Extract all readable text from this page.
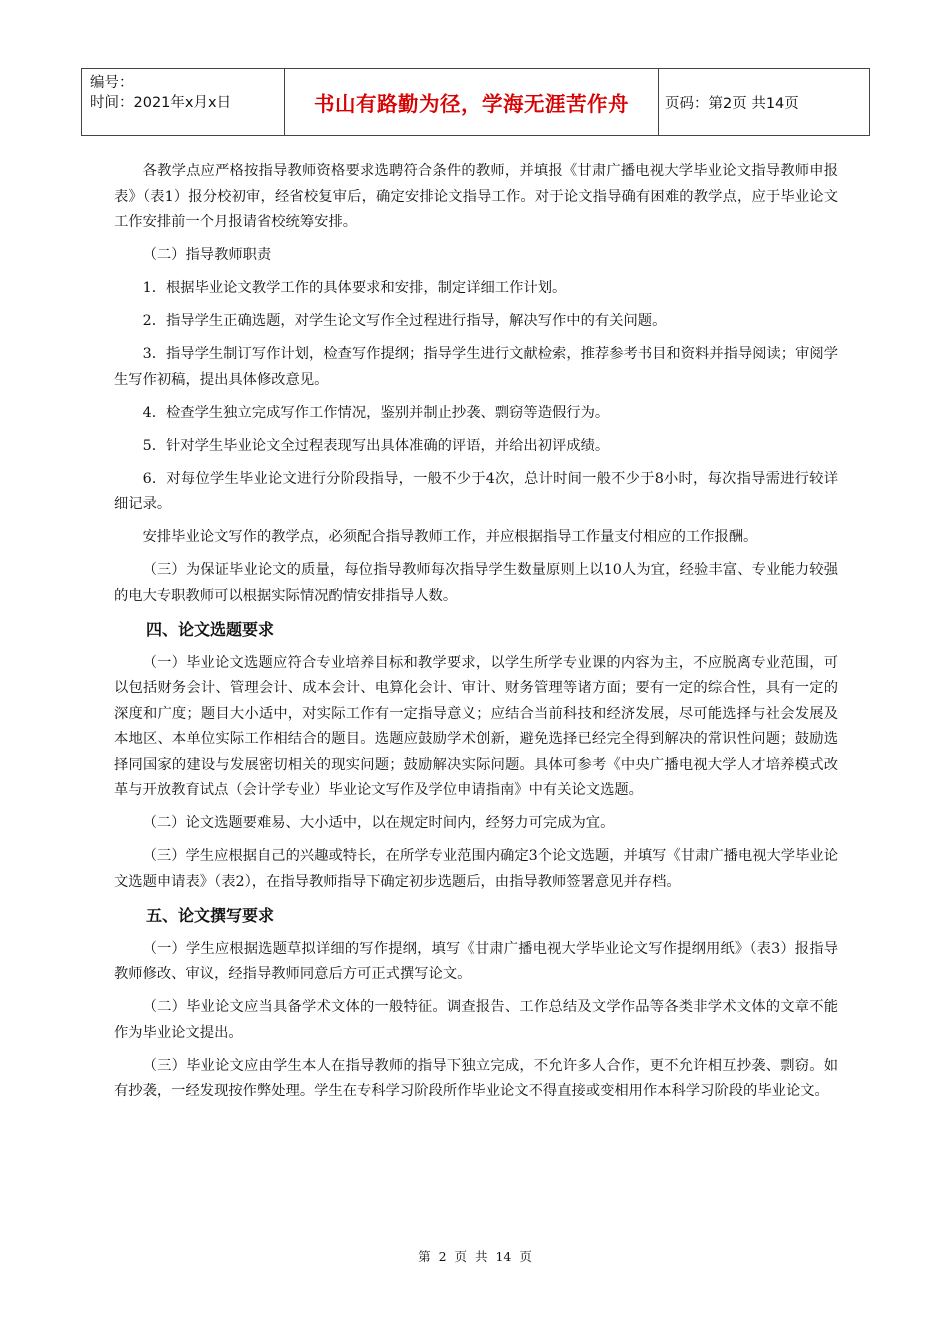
编号：
时间：2021年x月x日	书山有路勤为径，学海无涯苦作舟	页码：第2页 共14页

各教学点应严格按指导教师资格要求选聘符合条件的教师，并填报《甘肃广播电视大学毕业论文指导教师申报表》（表1）报分校初审，经省校复审后，确定安排论文指导工作。对于论文指导确有困难的教学点，应于毕业论文工作安排前一个月报请省校统筹安排。

（二）指导教师职责

1．根据毕业论文教学工作的具体要求和安排，制定详细工作计划。

2．指导学生正确选题，对学生论文写作全过程进行指导，解决写作中的有关问题。

3．指导学生制订写作计划，检查写作提纲；指导学生进行文献检索，推荐参考书目和资料并指导阅读；审阅学生写作初稿，提出具体修改意见。

4．检查学生独立完成写作工作情况，鉴别并制止抄袭、剽窃等造假行为。

5．针对学生毕业论文全过程表现写出具体准确的评语，并给出初评成绩。

6．对每位学生毕业论文进行分阶段指导，一般不少于4次，总计时间一般不少于8小时，每次指导需进行较详细记录。

安排毕业论文写作的教学点，必须配合指导教师工作，并应根据指导工作量支付相应的工作报酬。

（三）为保证毕业论文的质量，每位指导教师每次指导学生数量原则上以10人为宜，经验丰富、专业能力较强的电大专职教师可以根据实际情况酌情安排指导人数。

四、论文选题要求

（一）毕业论文选题应符合专业培养目标和教学要求，以学生所学专业课的内容为主，不应脱离专业范围，可以包括财务会计、管理会计、成本会计、电算化会计、审计、财务管理等诸方面；要有一定的综合性，具有一定的深度和广度；题目大小适中，对实际工作有一定指导意义；应结合当前科技和经济发展，尽可能选择与社会发展及本地区、本单位实际工作相结合的题目。选题应鼓励学术创新，避免选择已经完全得到解决的常识性问题；鼓励选择同国家的建设与发展密切相关的现实问题；鼓励解决实际问题。具体可参考《中央广播电视大学人才培养模式改革与开放教育试点（会计学专业）毕业论文写作及学位申请指南》中有关论文选题。

（二）论文选题要难易、大小适中，以在规定时间内，经努力可完成为宜。

（三）学生应根据自己的兴趣或特长，在所学专业范围内确定3个论文选题，并填写《甘肃广播电视大学毕业论文选题申请表》（表2），在指导教师指导下确定初步选题后，由指导教师签署意见并存档。

五、论文撰写要求

（一）学生应根据选题草拟详细的写作提纲，填写《甘肃广播电视大学毕业论文写作提纲用纸》（表3）报指导教师修改、审议，经指导教师同意后方可正式撰写论文。

（二）毕业论文应当具备学术文体的一般特征。调查报告、工作总结及文学作品等各类非学术文体的文章不能作为毕业论文提出。

（三）毕业论文应由学生本人在指导教师的指导下独立完成，不允许多人合作，更不允许相互抄袭、剽窃。如有抄袭，一经发现按作弊处理。学生在专科学习阶段所作毕业论文不得直接或变相用作本科学习阶段的毕业论文。

第 2 页 共 14 页
